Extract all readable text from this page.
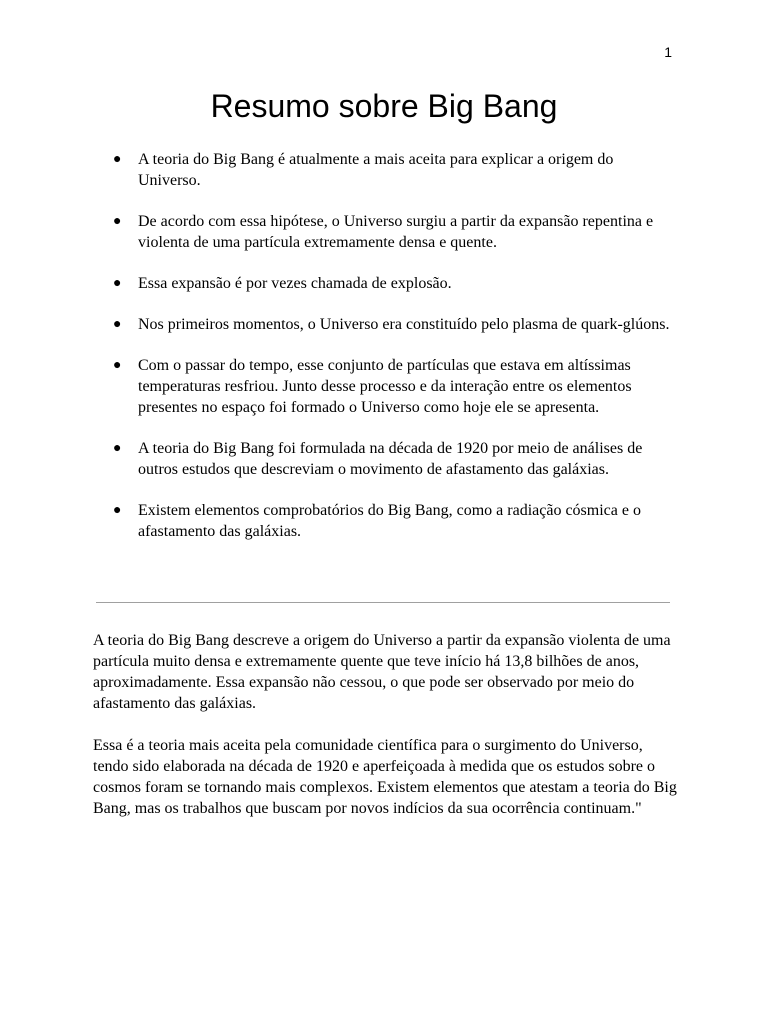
1
Resumo sobre Big Bang
● A teoria do Big Bang é atualmente a mais aceita para explicar a origem do Universo.
● De acordo com essa hipótese, o Universo surgiu a partir da expansão repentina e violenta de uma partícula extremamente densa e quente.
● Essa expansão é por vezes chamada de explosão.
● Nos primeiros momentos, o Universo era constituído pelo plasma de quark-glúons.
● Com o passar do tempo, esse conjunto de partículas que estava em altíssimas temperaturas resfriou. Junto desse processo e da interação entre os elementos presentes no espaço foi formado o Universo como hoje ele se apresenta.
● A teoria do Big Bang foi formulada na década de 1920 por meio de análises de outros estudos que descreviam o movimento de afastamento das galáxias.
● Existem elementos comprobatórios do Big Bang, como a radiação cósmica e o afastamento das galáxias.

A teoria do Big Bang descreve a origem do Universo a partir da expansão violenta de uma partícula muito densa e extremamente quente que teve início há 13,8 bilhões de anos, aproximadamente. Essa expansão não cessou, o que pode ser observado por meio do afastamento das galáxias.

Essa é a teoria mais aceita pela comunidade científica para o surgimento do Universo, tendo sido elaborada na década de 1920 e aperfeiçoada à medida que os estudos sobre o cosmos foram se tornando mais complexos. Existem elementos que atestam a teoria do Big Bang, mas os trabalhos que buscam por novos indícios da sua ocorrência continuam."
